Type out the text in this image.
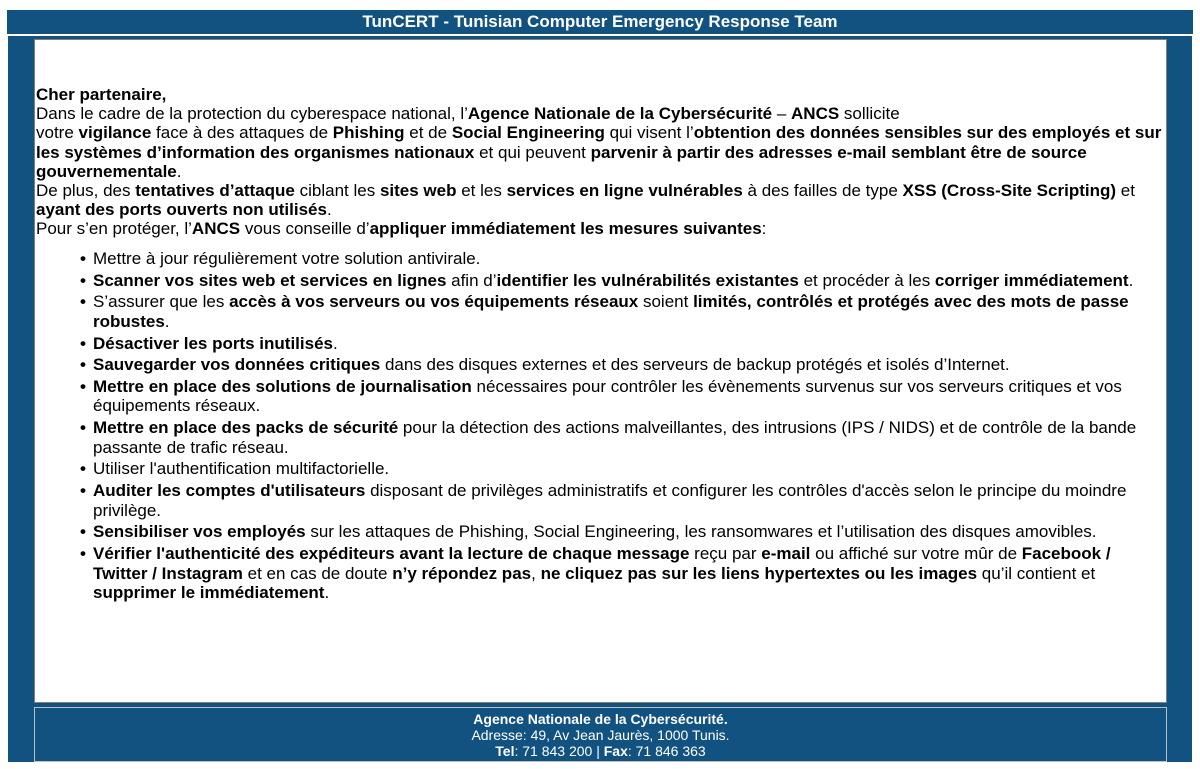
TunCERT - Tunisian Computer Emergency Response Team

Cher partenaire,

Dans le cadre de la protection du cyberespace national, l’Agence Nationale de la Cybersécurité – ANCS sollicite

votre vigilance face à des attaques de Phishing et de Social Engineering qui visent l’obtention des données sensibles sur des employés et sur les systèmes d’information des organismes nationaux et qui peuvent parvenir à partir des adresses e-mail semblant être de source gouvernementale.

De plus, des tentatives d’attaque ciblant les sites web et les services en ligne vulnérables à des failles de type XSS (Cross-Site Scripting) et ayant des ports ouverts non utilisés.

Pour s’en protéger, l’ANCS vous conseille d’appliquer immédiatement les mesures suivantes:

• Mettre à jour régulièrement votre solution antivirale.
• Scanner vos sites web et services en lignes afin d’identifier les vulnérabilités existantes et procéder à les corriger immédiatement.
• S’assurer que les accès à vos serveurs ou vos équipements réseaux soient limités, contrôlés et protégés avec des mots de passe robustes.
• Désactiver les ports inutilisés.
• Sauvegarder vos données critiques dans des disques externes et des serveurs de backup protégés et isolés d’Internet.
• Mettre en place des solutions de journalisation nécessaires pour contrôler les évènements survenus sur vos serveurs critiques et vos équipements réseaux.
• Mettre en place des packs de sécurité pour la détection des actions malveillantes, des intrusions (IPS / NIDS) et de contrôle de la bande passante de trafic réseau.
• Utiliser l'authentification multifactorielle.
• Auditer les comptes d'utilisateurs disposant de privilèges administratifs et configurer les contrôles d'accès selon le principe du moindre privilège.
• Sensibiliser vos employés sur les attaques de Phishing, Social Engineering, les ransomwares et l’utilisation des disques amovibles.
• Vérifier l'authenticité des expéditeurs avant la lecture de chaque message reçu par e-mail ou affiché sur votre mûr de Facebook / Twitter / Instagram et en cas de doute n’y répondez pas, ne cliquez pas sur les liens hypertextes ou les images qu’il contient et supprimer le immédiatement.
Agence Nationale de la Cybersécurité.
Adresse: 49, Av Jean Jaurès, 1000 Tunis.
Tel: 71 843 200 | Fax: 71 846 363
